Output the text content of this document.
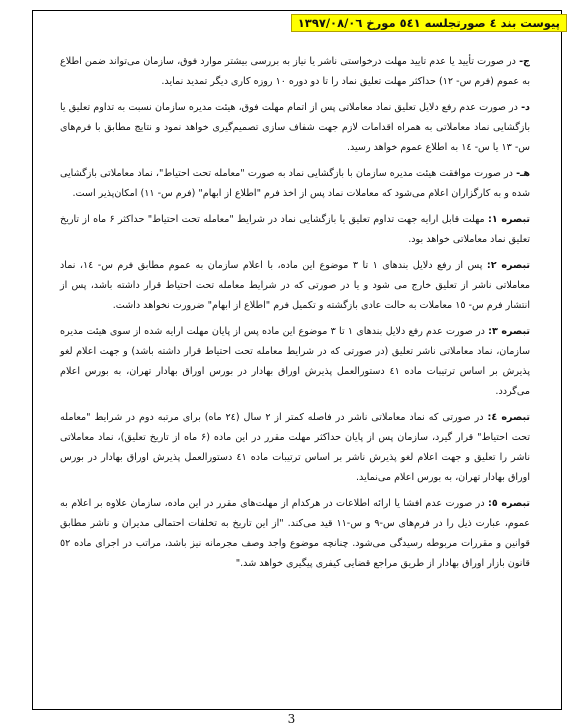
پیوست بند ٤ صورتجلسه ٥٤١ مورخ ١٣٩٧/٠٨/٠٦

ج- در صورت تأیید یا عدم تایید مهلت درخواستی ناشر یا نیاز به بررسی بیشتر موارد فوق، سازمان می‌تواند ضمن اطلاع به عموم (فرم س- ١٢) حداکثر مهلت تعلیق نماد را تا دو دوره ١٠ روزه کاری دیگر تمدید نماید.

د- در صورت عدم رفع دلایل تعلیق نماد معاملاتی پس از اتمام مهلت فوق، هیئت مدیره سازمان نسبت به تداوم تعلیق یا بازگشایی نماد معاملاتی به همراه اقدامات لازم جهت شفاف سازی تصمیم‌گیری خواهد نمود و نتایج مطابق با فرم‌های س- ١٣ یا س- ١٤ به اطلاع عموم خواهد رسید.

هـ- در صورت موافقت هیئت مدیره سازمان با بازگشایی نماد به صورت "معامله تحت احتیاط"، نماد معاملاتی بازگشایی شده و به کارگزاران اعلام می‌شود که معاملات نماد پس از اخذ فرم "اطلاع از ابهام" (فرم س- ١١) امکان‌پذیر است.

تبصره ١: مهلت قابل ارایه جهت تداوم تعلیق یا بازگشایی نماد در شرایط "معامله تحت احتیاط" حداکثر ۶ ماه از تاریخ تعلیق نماد معاملاتی خواهد بود.

تبصره ٢: پس از رفع دلایل بندهای ١ تا ٣ موضوع این ماده، با اعلام سازمان به عموم مطابق فرم س- ١٤، نماد معاملاتی ناشر از تعلیق خارج می شود و یا در صورتی که در شرایط معامله تحت احتیاط قرار داشته باشد، پس از انتشار فرم س- ١٥ معاملات به حالت عادی بازگشته و تکمیل فرم "اطلاع از ابهام" ضرورت نخواهد داشت.

تبصره ٣: در صورت عدم رفع دلایل بندهای ١ تا ٣ موضوع این ماده پس از پایان مهلت ارایه شده از سوی هیئت مدیره سازمان، نماد معاملاتی ناشر تعلیق (در صورتی که در شرایط معامله تحت احتیاط قرار داشته باشد) و جهت اعلام لغو پذیرش بر اساس ترتیبات ماده ٤١ دستورالعمل پذیرش اوراق بهادار در بورس اوراق بهادار تهران، به بورس اعلام می‌گردد.

تبصره ٤: در صورتی که نماد معاملاتی ناشر در فاصله کمتر از ٢ سال (٢٤ ماه) برای مرتبه دوم در شرایط "معامله تحت احتیاط" قرار گیرد، سازمان پس از پایان حداکثر مهلت مقرر در این ماده (۶ ماه از تاریخ تعلیق)، نماد معاملاتی ناشر را تعلیق و جهت اعلام لغو پذیرش ناشر بر اساس ترتیبات ماده ٤١ دستورالعمل پذیرش اوراق بهادار در بورس اوراق بهادار تهران، به بورس اعلام می‌نماید.

تبصره ٥: در صورت عدم افشا یا ارائه اطلاعات در هرکدام از مهلت‌های مقرر در این ماده، سازمان علاوه بر اعلام به عموم، عبارت ذیل را در فرم‌های س-٩ و س-١١ قید می‌کند. "از این تاریخ به تخلفات احتمالی مدیران و ناشر مطابق قوانین و مقررات مربوطه رسیدگی می‌شود. چنانچه موضوع واجد وصف مجرمانه نیز باشد، مراتب در اجرای ماده ٥٢ قانون بازار اوراق بهادار از طریق مراجع قضایی کیفری پیگیری خواهد شد."

3
